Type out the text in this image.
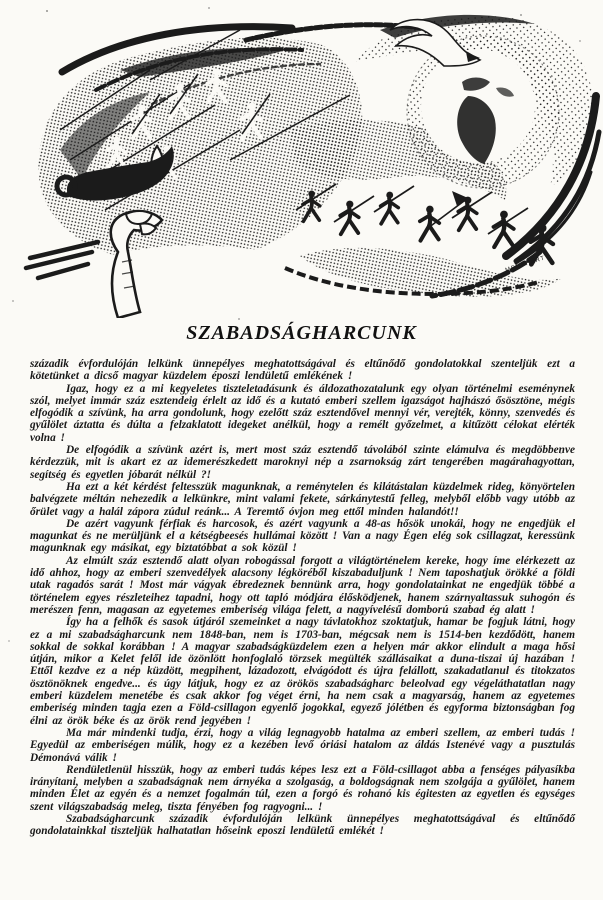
MENYHÁRT
SZABADSÁGHARCUNK

századik évfordulóján lelkünk ünnepélyes meghatottságával és eltűnődő gondolatokkal szenteljük ezt a kötetünket a dicső magyar küzdelem époszi lendületű emlékének !

Igaz, hogy ez a mi kegyeletes tiszteletadásunk és áldozathozatalunk egy olyan történelmi eseménynek szól, melyet immár száz esztendeig érlelt az idő és a kutató emberi szellem igazságot hajhászó ősösztöne, mégis elfogódik a szívünk, ha arra gondolunk, hogy ezelőtt száz esztendővel mennyi vér, verejték, könny, szenvedés és gyűlölet áztatta és dúlta a felzaklatott idegeket anélkül, hogy a remélt győzelmet, a kitűzött célokat elérték volna !

De elfogódik a szívünk azért is, mert most száz esztendő távolából szinte elámulva és megdöbbenve kérdezzük, mit is akart ez az idemerészkedett maroknyi nép a zsarnokság zárt tengerében magárahagyottan, segítség és egyetlen jóbarát nélkül ?!

Ha ezt a két kérdést feltesszük magunknak, a reménytelen és kilátástalan küzdelmek rideg, könyörtelen balvégzete méltán nehezedik a lelkünkre, mint valami fekete, sárkánytestű felleg, melyből előbb vagy utóbb az őrület vagy a halál zápora zúdul reánk... A Teremtő óvjon meg ettől minden halandót!!

De azért vagyunk férfiak és harcosok, és azért vagyunk a 48-as hősök unokái, hogy ne engedjük el magunkat és ne merüljünk el a kétségbeesés hullámai között ! Van a nagy Égen elég sok csillagzat, keressünk magunknak egy másikat, egy biztatóbbat a sok közül !

Az elmúlt száz esztendő alatt olyan robogással forgott a világtörténelem kereke, hogy íme elérkezett az idő ahhoz, hogy az emberi szenvedélyek alacsony légköréből kiszabaduljunk ! Nem taposhatjuk örökké a földi utak ragadós sarát ! Most már vágyak ébredeznek bennünk arra, hogy gondolatainkat ne engedjük többé a történelem egyes részleteihez tapadni, hogy ott tapló módjára élősködjenek, hanem szárnyaltassuk suhogón és merészen fenn, magasan az egyetemes emberiség világa felett, a nagyívelésű domború szabad ég alatt !

Így ha a felhők és sasok útjáról szemeinket a nagy távlatokhoz szoktatjuk, hamar be fogjuk látni, hogy ez a mi szabadságharcunk nem 1848-ban, nem is 1703-ban, mégcsak nem is 1514-ben kezdődött, hanem sokkal de sokkal korábban ! A magyar szabadságküzdelem ezen a helyen már akkor elindult a maga hősi útján, mikor a Kelet felől ide özönlött honfoglaló törzsek megülték szállásaikat a duna-tiszai új hazában ! Ettől kezdve ez a nép küzdött, megpihent, lázadozott, elvágódott és újra felállott, szakadatlanul és titokzatos ösztönöknek engedve... és úgy látjuk, hogy ez az örökös szabadságharc beleolvad egy végeláthatatlan nagy emberi küzdelem menetébe és csak akkor fog véget érni, ha nem csak a magyarság, hanem az egyetemes emberiség minden tagja ezen a Föld-csillagon egyenlő jogokkal, egyező jólétben és egyforma biztonságban fog élni az örök béke és az örök rend jegyében !

Ma már mindenki tudja, érzi, hogy a világ legnagyobb hatalma az emberi szellem, az emberi tudás ! Egyedül az emberiségen múlik, hogy ez a kezében levő óriási hatalom az áldás Istenévé vagy a pusztulás Démonává válik !

Rendületlenül hisszük, hogy az emberi tudás képes lesz ezt a Föld-csillagot abba a fenséges pályasíkba irányítani, melyben a szabadságnak nem árnyéka a szolgaság, a boldogságnak nem szolgája a gyűlölet, hanem minden Élet az egyén és a nemzet fogalmán túl, ezen a forgó és rohanó kis égitesten az egyetlen és egységes szent világszabadság meleg, tiszta fényében fog ragyogni... !

Szabadságharcunk századik évfordulóján lelkünk ünnepélyes meghatottságával és eltűnődő gondolatainkkal tiszteljük halhatatlan hőseink eposzi lendületű emlékét !
